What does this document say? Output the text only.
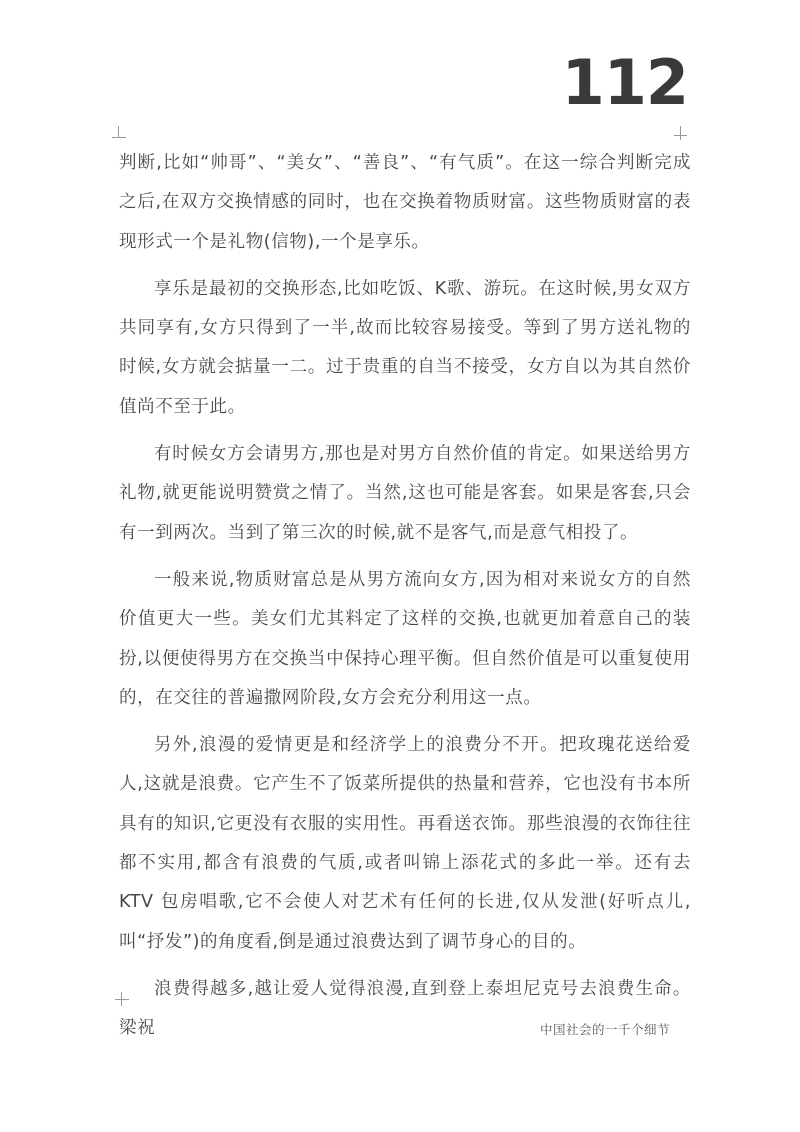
112

判断,比如“帅哥”、“美女”、“善良”、“有气质”。在这一综合判断完成之后,在双方交换情感的同时，也在交换着物质财富。这些物质财富的表现形式一个是礼物(信物),一个是享乐。

享乐是最初的交换形态,比如吃饭、K歌、游玩。在这时候,男女双方共同享有,女方只得到了一半,故而比较容易接受。等到了男方送礼物的时候,女方就会掂量一二。过于贵重的自当不接受，女方自以为其自然价值尚不至于此。

有时候女方会请男方,那也是对男方自然价值的肯定。如果送给男方礼物,就更能说明赞赏之情了。当然,这也可能是客套。如果是客套,只会有一到两次。当到了第三次的时候,就不是客气,而是意气相投了。

一般来说,物质财富总是从男方流向女方,因为相对来说女方的自然价值更大一些。美女们尤其料定了这样的交换,也就更加着意自己的装扮,以便使得男方在交换当中保持心理平衡。但自然价值是可以重复使用的，在交往的普遍撒网阶段,女方会充分利用这一点。

另外,浪漫的爱情更是和经济学上的浪费分不开。把玫瑰花送给爱人,这就是浪费。它产生不了饭菜所提供的热量和营养，它也没有书本所具有的知识,它更没有衣服的实用性。再看送衣饰。那些浪漫的衣饰往往都不实用,都含有浪费的气质,或者叫锦上添花式的多此一举。还有去 KTV 包房唱歌,它不会使人对艺术有任何的长进,仅从发泄(好听点儿,叫“抒发”)的角度看,倒是通过浪费达到了调节身心的目的。

浪费得越多,越让爱人觉得浪漫,直到登上泰坦尼克号去浪费生命。梁祝	中国社会的一千个细节
